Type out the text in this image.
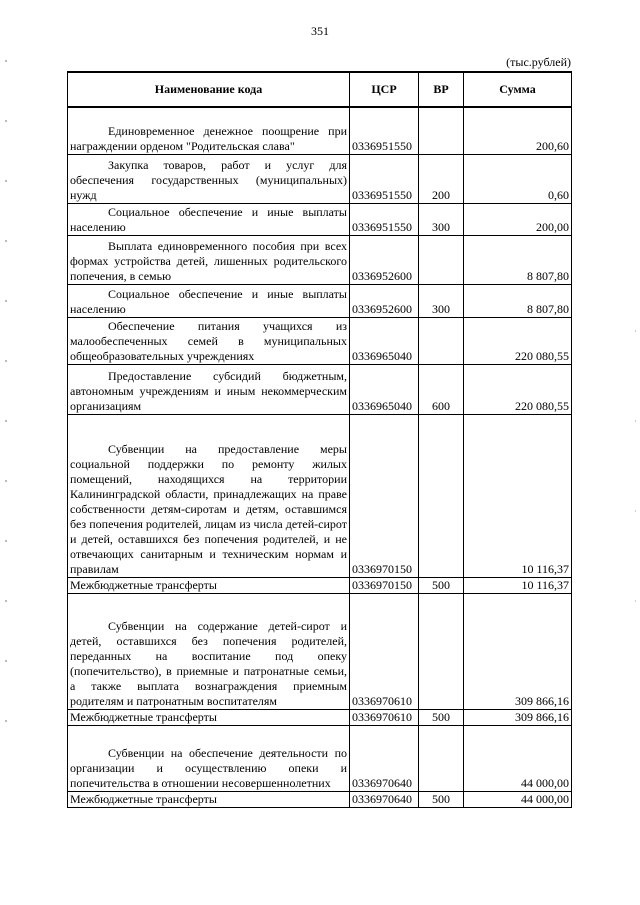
351
(тыс.рублей)
Наименование кода	ЦСР	ВР	Сумма
Единовременное денежное поощрение при награждении орденом "Родительская слава"	0336951550		200,60
Закупка товаров, работ и услуг для обеспечения государственных (муниципальных) нужд	0336951550	200	0,60
Социальное обеспечение и иные выплаты населению	0336951550	300	200,00
Выплата единовременного пособия при всех формах устройства детей, лишенных родительского попечения, в семью	0336952600		8 807,80
Социальное обеспечение и иные выплаты населению	0336952600	300	8 807,80
Обеспечение питания учащихся из малообеспеченных семей в муниципальных общеобразовательных учреждениях	0336965040		220 080,55
Предоставление субсидий бюджетным, автономным учреждениям и иным некоммерческим организациям	0336965040	600	220 080,55
Субвенции на предоставление меры социальной поддержки по ремонту жилых помещений, находящихся на территории Калининградской области, принадлежащих на праве собственности детям-сиротам и детям, оставшимся без попечения родителей, лицам из числа детей-сирот и детей, оставшихся без попечения родителей, и не отвечающих санитарным и техническим нормам и правилам	0336970150		10 116,37
Межбюджетные трансферты	0336970150	500	10 116,37
Субвенции на содержание детей-сирот и детей, оставшихся без попечения родителей, переданных на воспитание под опеку (попечительство), в приемные и патронатные семьи, а также выплата вознаграждения приемным родителям и патронатным воспитателям	0336970610		309 866,16
Межбюджетные трансферты	0336970610	500	309 866,16
Субвенции на обеспечение деятельности по организации и осуществлению опеки и попечительства в отношении несовершеннолетних	0336970640		44 000,00
Межбюджетные трансферты	0336970640	500	44 000,00
